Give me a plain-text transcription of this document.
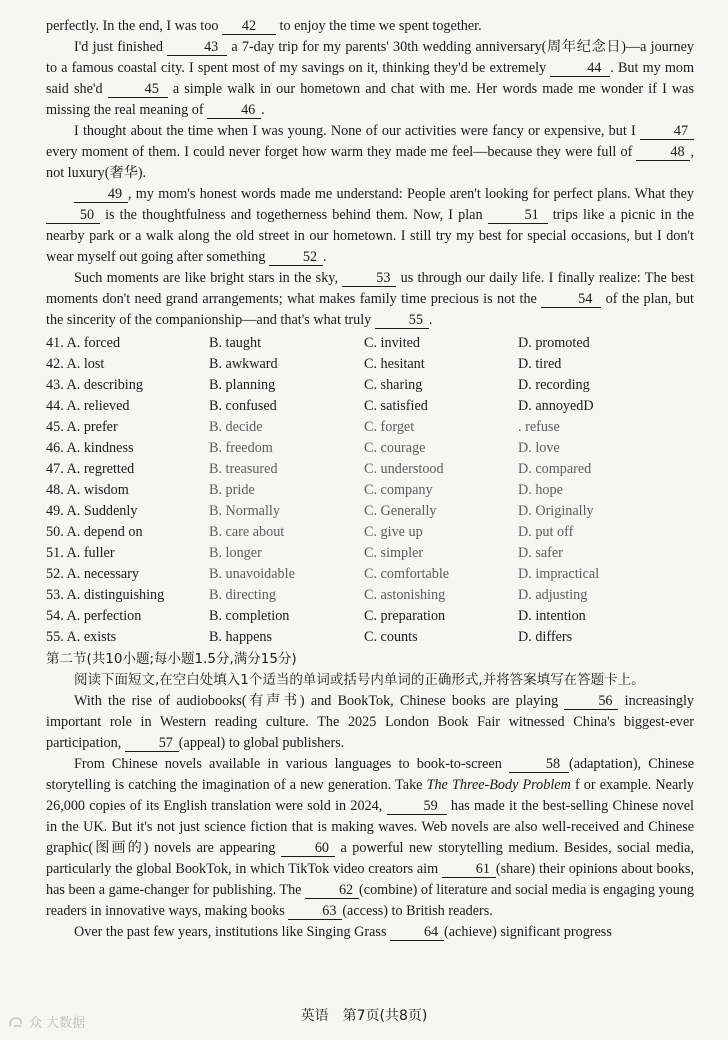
perfectly. In the end, I was too 42 to enjoy the time we spent together.

I'd just finished	43 a 7-day trip for my parents' 30th wedding anniversary(周年纪念日)—a journey to a famous coastal city. I spent most of my savings on it, thinking they'd be extremely	44 . But my mom said she'd	45 a simple walk in our hometown and chat with me. Her words made me wonder if I was missing the real meaning of 46 .

I thought about the time when I was young. None of our activities were fancy or expensive, but I 47 every moment of them. I could never forget how warm they made me feel—because they were full of 48 , not luxury(奢华).

49 , my mom's honest words made me understand: People aren't looking for perfect plans. What they 50 is the thoughtfulness and togetherness behind them. Now, I plan	51 trips like a picnic in the nearby park or a walk along the old street in our hometown. I still try my best for special occasions, but I don't wear myself out going after something 52 .

Such moments are like bright stars in the sky, 53 us through our daily life. I finally realize: The best moments don't need grand arrangements; what makes family time precious is not the	54 of the plan, but the sincerity of the companionship—and that's what truly 55 .

41. A. forced	B. taught	C. invited	D. promoted
42. A. lost	B. awkward	C. hesitant	D. tired
43. A. describing	B. planning	C. sharing	D. recording
44. A. relieved	B. confused	C. satisfied	D. annoyedD
45. A. prefer	B. decide	C. forget	. refuse
46. A. kindness	B. freedom	C. courage	D. love
47. A. regretted	B. treasured	C. understood	D. compared
48. A. wisdom	B. pride	C. company	D. hope
49. A. Suddenly	B. Normally	C. Generally	D. Originally
50. A. depend on	B. care about	C. give up	D. put off
51. A. fuller	B. longer	C. simpler	D. safer
52. A. necessary	B. unavoidable	C. comfortable	D. impractical
53. A. distinguishing	B. directing	C. astonishing	D. adjusting
54. A. perfection	B. completion	C. preparation	D. intention
55. A. exists	B. happens	C. counts	D. differs
第二节(共10小题;每小题1.5分,满分15分)

阅读下面短文,在空白处填入1个适当的单词或括号内单词的正确形式,并将答案填写在答题卡上。

With the rise of audiobooks(有声书) and BookTok, Chinese books are playing 56 increasingly important role in Western reading culture. The 2025 London Book Fair witnessed China's biggest-ever participation, 57 (appeal) to global publishers.

From Chinese novels available in various languages to book-to-screen	58 (adaptation), Chinese storytelling is catching the imagination of a new generation. Take The Three-Body Problem f or example. Nearly 26,000 copies of its English translation were sold in 2024,	59 has made it the best-selling Chinese novel in the UK. But it's not just science fiction that is making waves. Web novels are also well-received and Chinese graphic(图画的) novels are appearing 60 a powerful new storytelling medium. Besides, social media, particularly the global BookTok, in which TikTok video creators aim 61 (share) their opinions about books, has been a game-changer for publishing. The 62 (combine) of literature and social media is engaging young readers in innovative ways, making books 63 (access) to British readers.

Over the past few years, institutions like Singing Grass 64 (achieve) significant progress

英语　第7页(共8页)
众 大数据
